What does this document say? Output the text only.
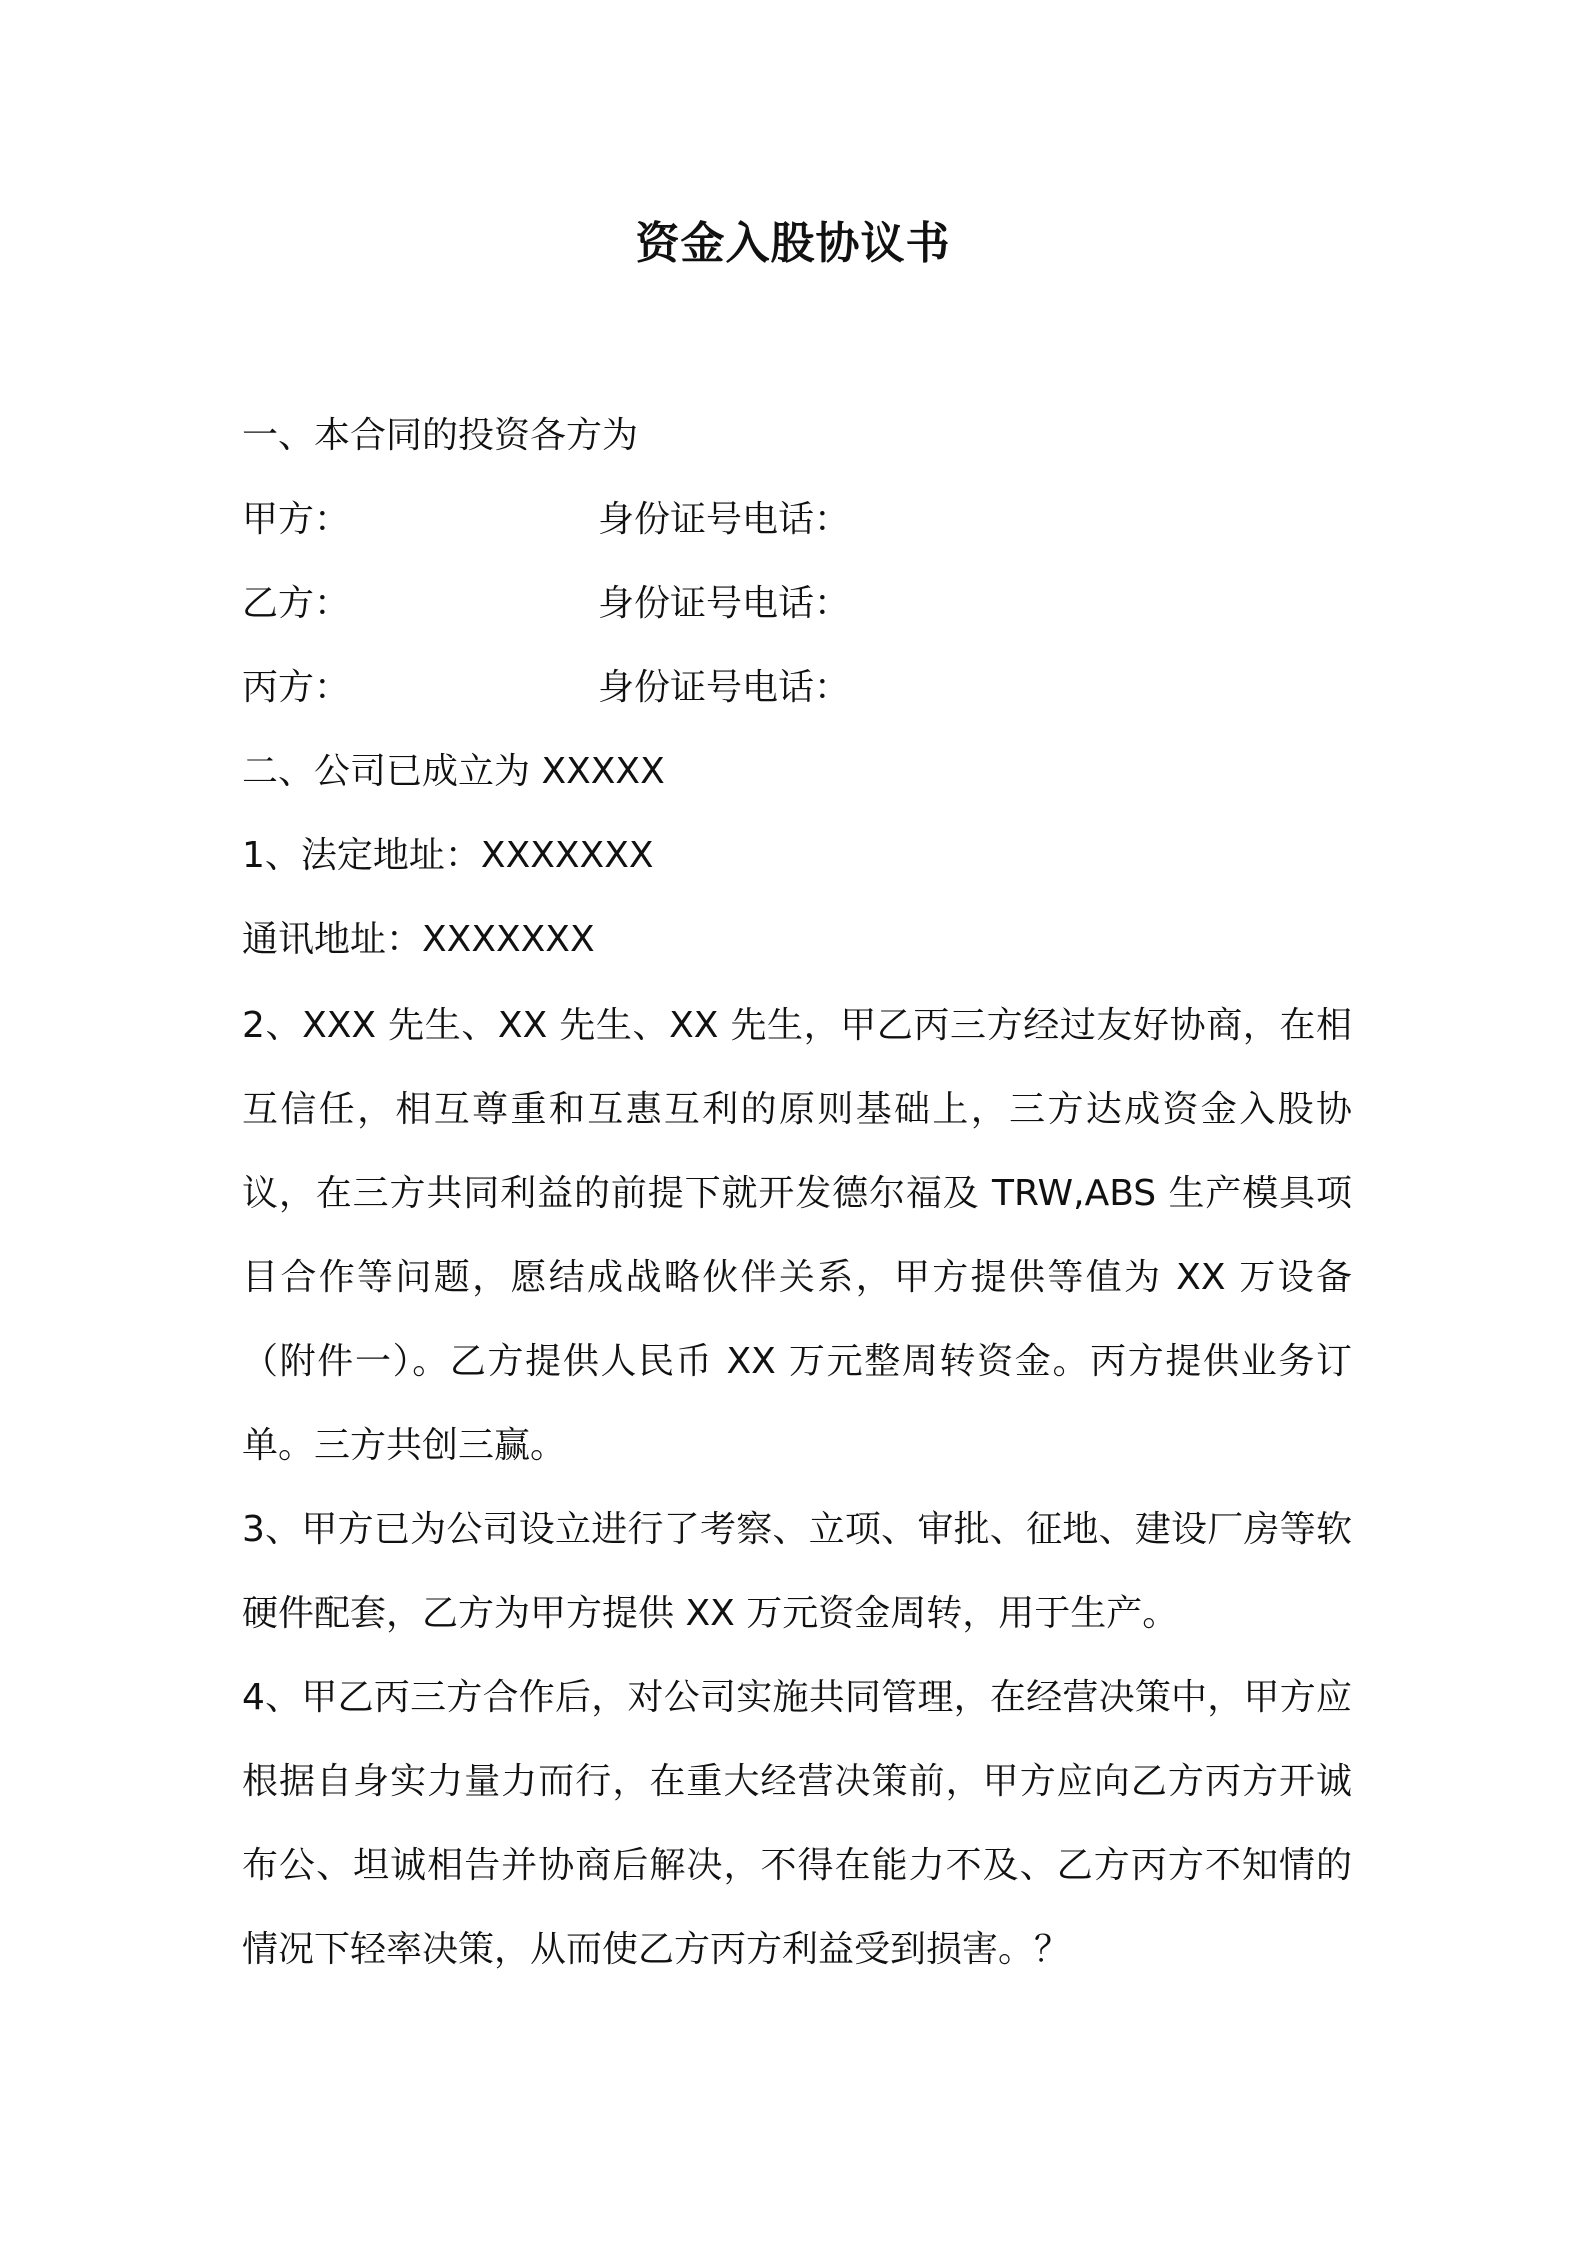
资金入股协议书
一、本合同的投资各方为
甲方：	身份证号电话：
乙方：	身份证号电话：
丙方：	身份证号电话：
二、公司已成立为 XXXXX
1、法定地址：XXXXXXX
通讯地址：XXXXXXX
2、XXX 先生、XX 先生、XX 先生，甲乙丙三方经过友好协商，在相互信任，相互尊重和互惠互利的原则基础上，三方达成资金入股协议，在三方共同利益的前提下就开发德尔福及 TRW,ABS 生产模具项目合作等问题，愿结成战略伙伴关系，甲方提供等值为 XX 万设备（附件一）。乙方提供人民币 XX 万元整周转资金。丙方提供业务订单。三方共创三赢。
3、甲方已为公司设立进行了考察、立项、审批、征地、建设厂房等软硬件配套，乙方为甲方提供 XX 万元资金周转，用于生产。
4、甲乙丙三方合作后，对公司实施共同管理，在经营决策中，甲方应根据自身实力量力而行，在重大经营决策前，甲方应向乙方丙方开诚布公、坦诚相告并协商后解决，不得在能力不及、乙方丙方不知情的情况下轻率决策，从而使乙方丙方利益受到损害。？
